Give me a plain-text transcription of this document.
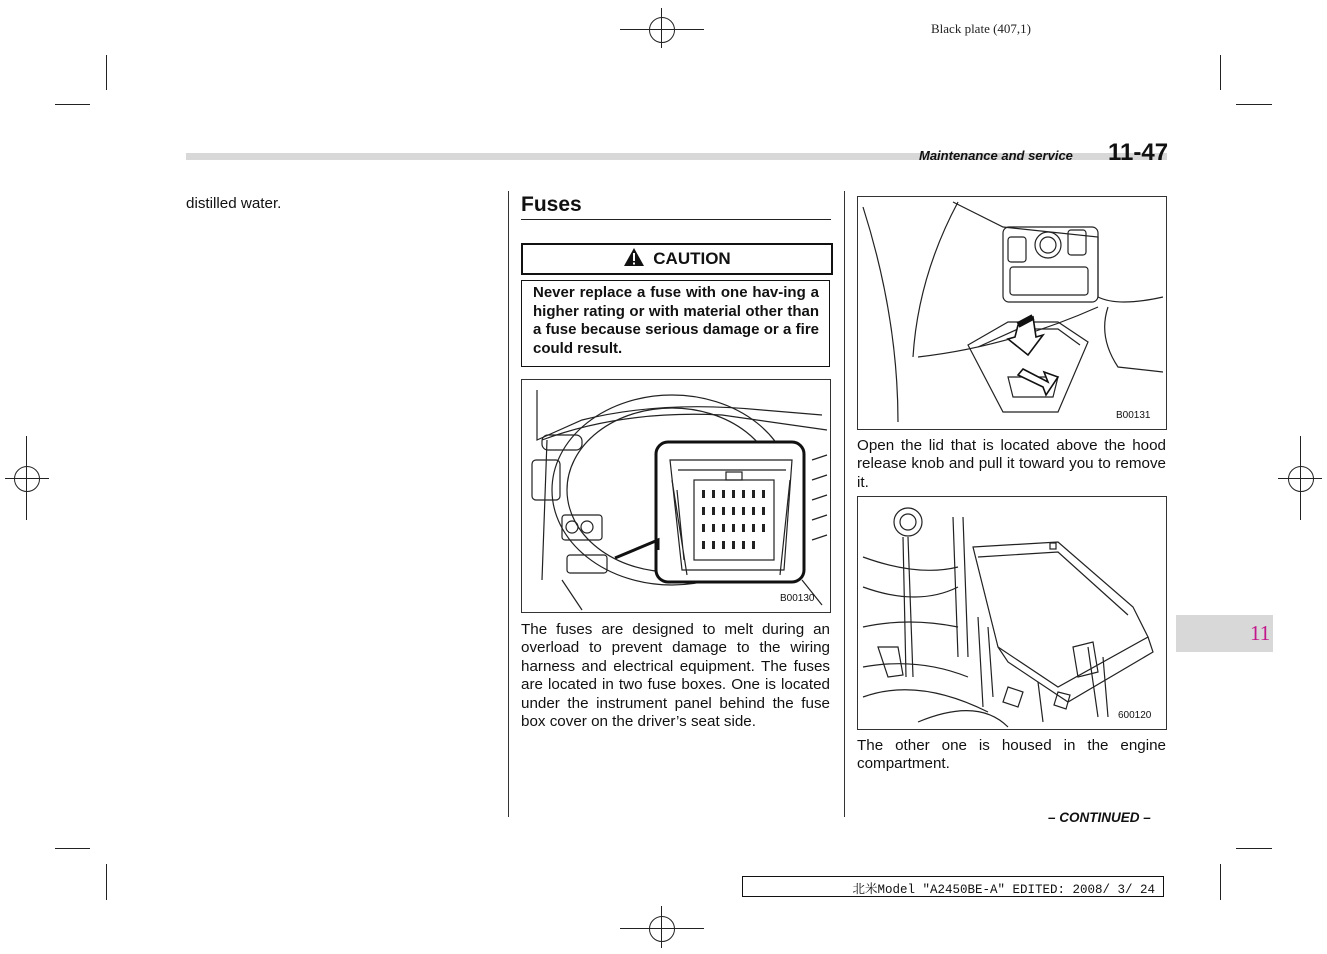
Black plate (407,1)
Maintenance and service 11-47
distilled water.	Fuses
CAUTION
Never replace a fuse with one hav-ing a higher rating or with material other than a fuse because serious damage or a fire could result.
B00130
The fuses are designed to melt during an overload to prevent damage to the wiring harness and electrical equipment. The fuses are located in two fuse boxes. One is located under the instrument panel behind the fuse box cover on the driver’s seat side.
B00131
Open the lid that is located above the hood release knob and pull it toward you to remove it.
600120
The other one is housed in the engine compartment.
– CONTINUED –
11
北米Model "A2450BE-A" EDITED: 2008/ 3/ 24
